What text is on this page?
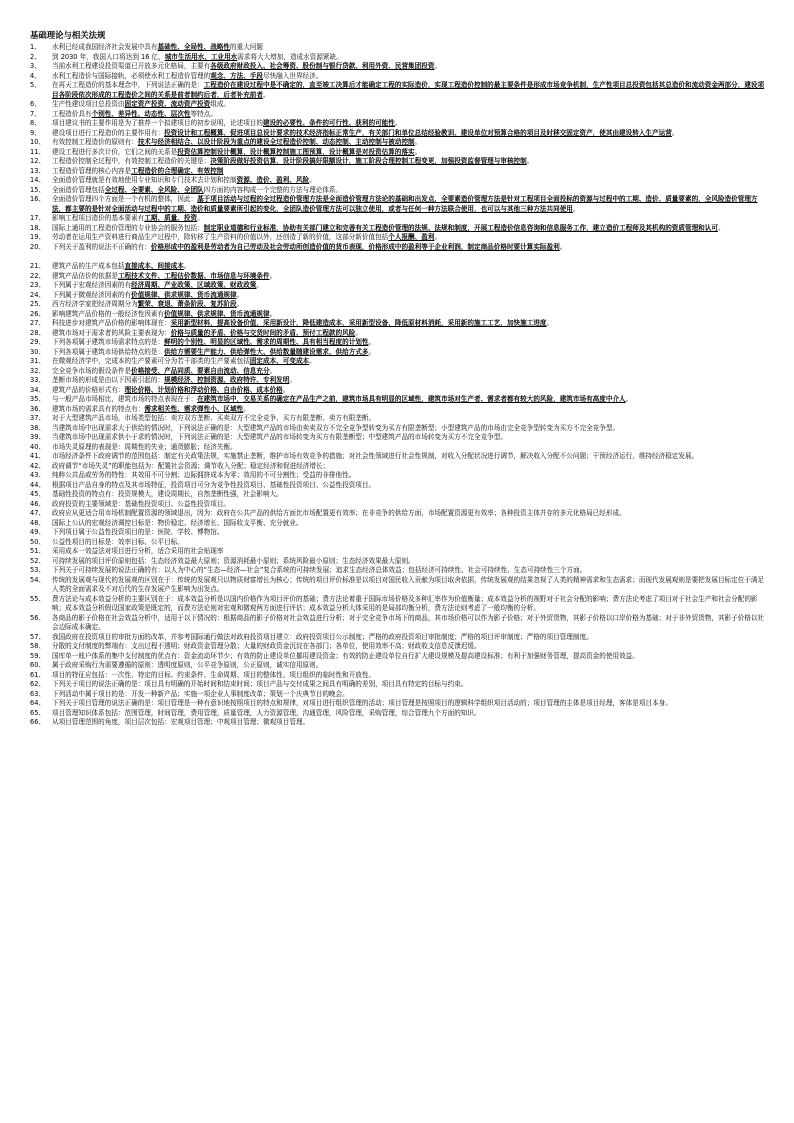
基础理论与相关法规

1、 水利已经成我国经济社会发展中具有基础性、全局性、战略性的重大问题

2、 到 2030 年，我国人口将达到 16 亿，城市生活用水、工业用水需求将大大增加，造成水资源紧缺。

3、 当前水利工程建设投资渠道已开放多元化格局，主要有各级政府财政投入、社会筹资、股份制与银行贷款、利用外资、民营集团投资。

4、 水利工程造价与国际接轨，必须使水利工程造价管理的观念、方法、手段尽快融入世界经济。

5、 在再天工程造价的基本理念中，下列说法正确的是：工程造价在建设过程中是不确定的，直至竣工决算后才能确定工程的实际造价，实现工程造价控制的最主要条件是形成市场竞争机制，生产性项目总投资包括其总造价和流动资金两部分，建设项目各阶段依次形成的工程造价之间的关系是前者制约后者，后者补充前者。

6、 生产性建设项目总投资由固定资产投资、流动资产投资组成。

7、 工程造价具有个别性、差异性、动态性、层次性等特点。

8、 项目建议书的主要作用是为了推荐一个拟建项目的初步说明，论述项目的建设的必要性、条件的可行性、获利的可能性。

9、 建设项目进行工程造价的主要作用有：投资设计和工程概算、促进项目总设计要求的技术经济指标正常生产，有关部门和单位总结经验教训、建设单位对预算合格的项目及时移交固定资产，使其由建设转入生产运营。

10、 有效控制工程造价的原则有：技术与经济相结合、以设计阶段为重点的建设全过程造价控制、动态控制、主动控制与被动控制。

11、 建设工程进行多次计价，它们之间的关系是投资估算控制设计概算，设计概算控制施工图预算，设计概算是对投资估算的落实。

12、 工程造价控制全过程中，有效控制工程造价的关键是：决策阶段做好投资估算，设计阶段搞好限额设计，施工阶段合理控制工程变更，加强投资监督管理与审核控制。

13、 工程造价管理的核心内容是工程造价的合理确定、有效控制

14、 全面造价管理就是有效地使用专业知识和专门技术去计划和控制资源、造价、盈利、风险。

15、 全面造价管理包括全过程、全要素、全风险、全团队四方面的内容构成一个完整的方法与理论体系。

16、 全面造价管理四个方面是一个有机的整体，因此：基于项目活动与过程的全过程造价管理方法是全面造价管理方法论的基础和出发点，全要素造价管理方法是针对工程项目全面投标的资源与过程中的工期、造价、质量要素的，全风险造价管理方法，都主要的是针对全面活动与过程中的工期、造价和质量要素所引起的变化，全团队造价管理方法可以独立使用，或者与任何一种方法联合使用，也可以与其他三种方法共同使用。

17、 影响工程项目造价的基本要素有工期、质量、投资。

18、 国际上通用的工程造价管理的专业协会的服务包括：制定职业道德和行业标准，协助有关部门建立和完善有关工程造价管理的法规、法规和制度，开展工程造价信息咨询和信息服务工作，建立造价工程师及其机构的资质管理和认可。

19、 劳动者在运用生产资料进行商品生产过程中，除转移了生产资料的价值以外，还创造了新的价值，这部分新价值包括个人报酬、盈利。

20、 下列关于盈利的说法不正确的有：价格形成中的盈利是劳动者为自己劳动及社会劳动所创造价值的货币表现，价格形成中的盈利等于企业利润，制定商品价格时要计算实际盈利。

21、 建筑产品的生产成本包括直接成本、间接成本。

22、 建筑产品估价的依据是工程技术文件、工程估价数据、市场信息与环境条件。

23、 下列属于宏观经济因素的有经济周期、产业政策、区域政策、财政政策。

24、 下列属于微观经济因素的有价值规律、供求规律、货币流通规律。

25、 西方经济学家把经济周期分为繁荣、衰退、萧条阶段、复苏阶段。

26、 影响建筑产品价格的一般经济性因素有价值规律、供求规律、货币流通规律。

27、 科技进步对建筑产品价格的影响体现在：采用新型材料，提高设备价值，采用新设计，降低建造成本，采用新型设备，降低原材料消耗，采用新的施工工艺，加快施工进度。

28、 建筑市场对于需求者的风险主要表现为：价格与质量的矛盾、价格与交货时间的矛盾、预付工程款的风险。

29、 下列各项属于建筑市场需求特点的是：鲜明的个别性、明显的区域性、需求的周期性、具有相当程度的计划性。

30、 下列各项属于建筑市场供给特点的是：供给方需要生产能力、供给弹性大、供给数量随建设需求、供给方式多。

31、 在微观经济学中，完成本的生产要素可分为若干部类的生产要素包括固定成本、可变成本。

32、 完全竞争市场的假设条件是价格接受、产品同质、要素自由流动、信息充分。

33、 垄断市场的形成是由以下因素引起的：规模经济、控制资源、政府特许、专利发明。

34、 建筑产品的价格形式有：理论价格、计划价格和浮动价格、自由价格、成本价格。

35、 与一般产品市场相比，建筑市场的特点表现在于：在建筑市场中，交易关系的确定在产品生产之前，建筑市场具有明显的区域性，建筑市场对生产者、需求者都有较大的风险，建筑市场有高度中介人。

36、 建筑市场的需求具有的特点有：需求相关性、需求弹性小、区域性。

37、 对于大型建筑产品市场，市场类型包括：卖方双方垄断、买卖双方不完全竞争、买方有限垄断、卖方有限垄断。

38、 当建筑市场中出现需求大于供给的情况时，下列说法正确的是：大型建筑产品的市场由卖卖双方不完全竞争型转变为买方有限垄断型；小型建筑产品的市场由完全竞争型转变为买方不完全竞争型。

39、 当建筑市场中出现需求供小于求的情况时，下列说法正确的是：大型建筑产品的市场转变为买方有限垄断型；中型建筑产品的市场转变为买方不完全竞争型。

40、 市场失灵原理的表现是：周期性的失业；通货膨胀；经济失衡。

41、 市场经济条件下政府调节的范围包括：制定有关政策法规，实施禁止垄断，维护市场有效竞争的措施；对社会性领域进行社会性规制，对收入分配状况进行调节，解决收入分配不公问题；干预经济运行，维持经济稳定发展。

42、 政府调节“市场失灵”的职能包括为：配置社会资源；调节收入分配；稳定经济和促进经济增长；

43、 纯粹公共品或劳务的特性：其效用不可分割；边际拥挤成本为零；效用的不可分割性；受益的非排他性。

44、 根据项目产品自身的特点及其市场特征，投资项目可分为竞争性投资项目、基础性投资项目、公益性投资项目。

45、 基础性投资的特点有：投资规模大，建设周期长，自然垄断性强，社会影响大。

46、 政府投资的主要领域是：基础性投资项目、公益性投资项目。

47、 政府应从更适合用市场机制配置资源的领域退出，因为：政府在公共产品的供给方面比市场配置更有效率；在非竞争的供给方面，市场配置资源更有效率；各种投资主体并存的多元化格局已经形成。

48、 国际上公认的宏观经济调控目标是：物价稳定、经济增长、国际收支平衡、充分就业。

49、 下列项目属于公益性投资项目的是：医院、学校、博物馆。

50、 公益性项目的目标是：效率目标、公平目标。

51、 采用成本一效益法对项目进行分析，适合采用的社会贴现率

52、 可持续发展的项目评价原则包括：生态经济效益最大原则；资源消耗最小原则；系统风险最小原则；生态经济效果最大原则。

53、 下列关于可持续发展的说法正确的有：以人为中心的“生态—经济—社会”复合系统的可持续发展；追求生态经济总体效益；包括经济可持续性、社会可持续性、生态可持续性三个方面。

54、 传统的发展观与现代的发展观的区别在于：传统的发展观只以物质财富增长为核心；传统的项目评价标准是以项目对国民收入贡献为项目取舍依据，传统发展观的结果忽视了人类的精神需求和生态需求；而现代发展观则是要把发展目标定位于满足人类的全面需求及不对后代的生存发展产生影响为出发点。

55、 费方法论与成本效益分析的主要区别在于：成本效益分析是以国内价格作为项目评价的基础；费方法论着重于国际市场价格及多种汇率作为价值衡量；成本效益分析的视野对于社会分配的影响；费方法论考虑了项目对于社会生产和社会分配的影响；成本效益分析假设国家政策是既定的，而费方法论则对宏观和微观两方面进行评估；成本效益分析大体采用的是局部均衡分析，费方法论则考虑了一般均衡的分析。

56、 各商品的影子价格在社会效益分析中，适用于以下情况的：根据商品的影子价格对社会效益进行分析；对于完全竞争市场下的商品，其市场价格可以作为影子价格；对于外贸货物，其影子价格以口岸价格为基础；对于非外贸货物，其影子价格以社会边际成本确定。

57、 我国政府在投资项目的审批方面的改革，并参考国际通行做法对政府投资项目建立：政府投资项目公示制度；严格的政府投资项目审批制度；严格的项目评审制度；严格的项目管理制度。

58、 分散的支付制度的弊端有：支出过程不透明；财政资金管理分散；大量的财政资金沉淀在各部门；各单位，使用效率不高；财政收支信息反馈迟缓。

59、 国库单一账户体系的集中支付制度的优点有：资金流动环节少；有效的防止建设单位挪用建设资金；有效的防止建设单位自行扩大建设规模及提高建设标准；有利于加强财务管理，提高资金的使用效益。

60、 属于政府采购行为需要遵循的原则：透明度原则，公平竞争原则，公正原则，诚实信用原则。

61、 项目的特征应包括：一次性、特定的目标、约束条件、生命周期、项目的整体性、项目组织的临时性和开放性。

62、 下列关于项目的说法正确的是：项目具有明确的开始时间和结束时间；项目产品与交付成果之间具有明确的差别，项目具有特定的目标与约束。

63、 下列活动中属于项目的是：开发一种新产品；实施一项企业人事制度改革；策划一个庆典节目的晚会。

64、 下列关于项目管理的说法正确的是：项目管理是一种有意识地按照项目的特点和规律，对项目进行组织管理的活动；项目管理是按照项目的逻辑科学组织项目活动的；项目管理的主体是项目经理，客体是项目本身。

65、 项目管理知识体系包括：范围管理，时间管理，费用管理，质量管理，人力资源管理，沟通管理，风险管理，采购管理，综合管理九个方面的知识。

66、 从项目管理范围的角度，项目层次包括：宏观项目管理；中观项目管理；微观项目管理。
